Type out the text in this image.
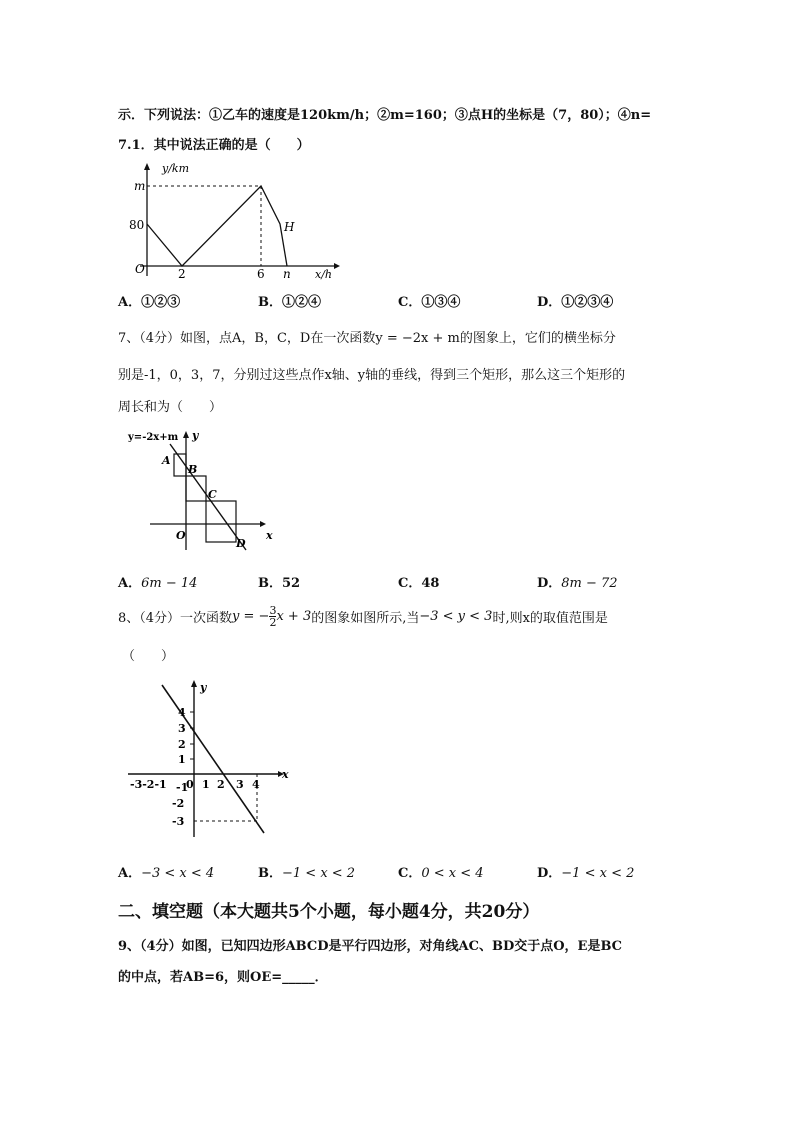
示．下列说法：①乙车的速度是120km/h；②m=160；③点H的坐标是（7，80）；④n=
7.1．其中说法正确的是（　　）
y/km
m
80
O	2	6 n x/h
H
A．①②③	B．①②④	C．①③④	D．①②③④
7、（4分）如图，点A，B，C，D在一次函数y = −2x + m的图象上，它们的横坐标分
别是-1，0，3，7，分别过这些点作x轴、y轴的垂线，得到三个矩形，那么这三个矩形的
周长和为（　　）
y=-2x+m y
x
O
A
B
C
D
A．6m − 14	B．52	C．48	D．8m − 72
8、（4分）一次函数 y = − $\frac{3}{2}$ x + 3 的图象如图所示,当 −3 < y < 3 时,则x的取值范围是
（　　）
y
x
4
3
2
1
-1
-2
-3
-3-2-1 0 1 2 3 4
A．−3 < x < 4	B．−1 < x < 2	C．0 < x < 4	D．−1 < x < 2
二、填空题（本大题共5个小题，每小题4分，共20分）
9、（4分）如图，已知四边形ABCD是平行四边形，对角线AC、BD交于点O，E是BC
的中点，若AB=6，则OE=_____．
